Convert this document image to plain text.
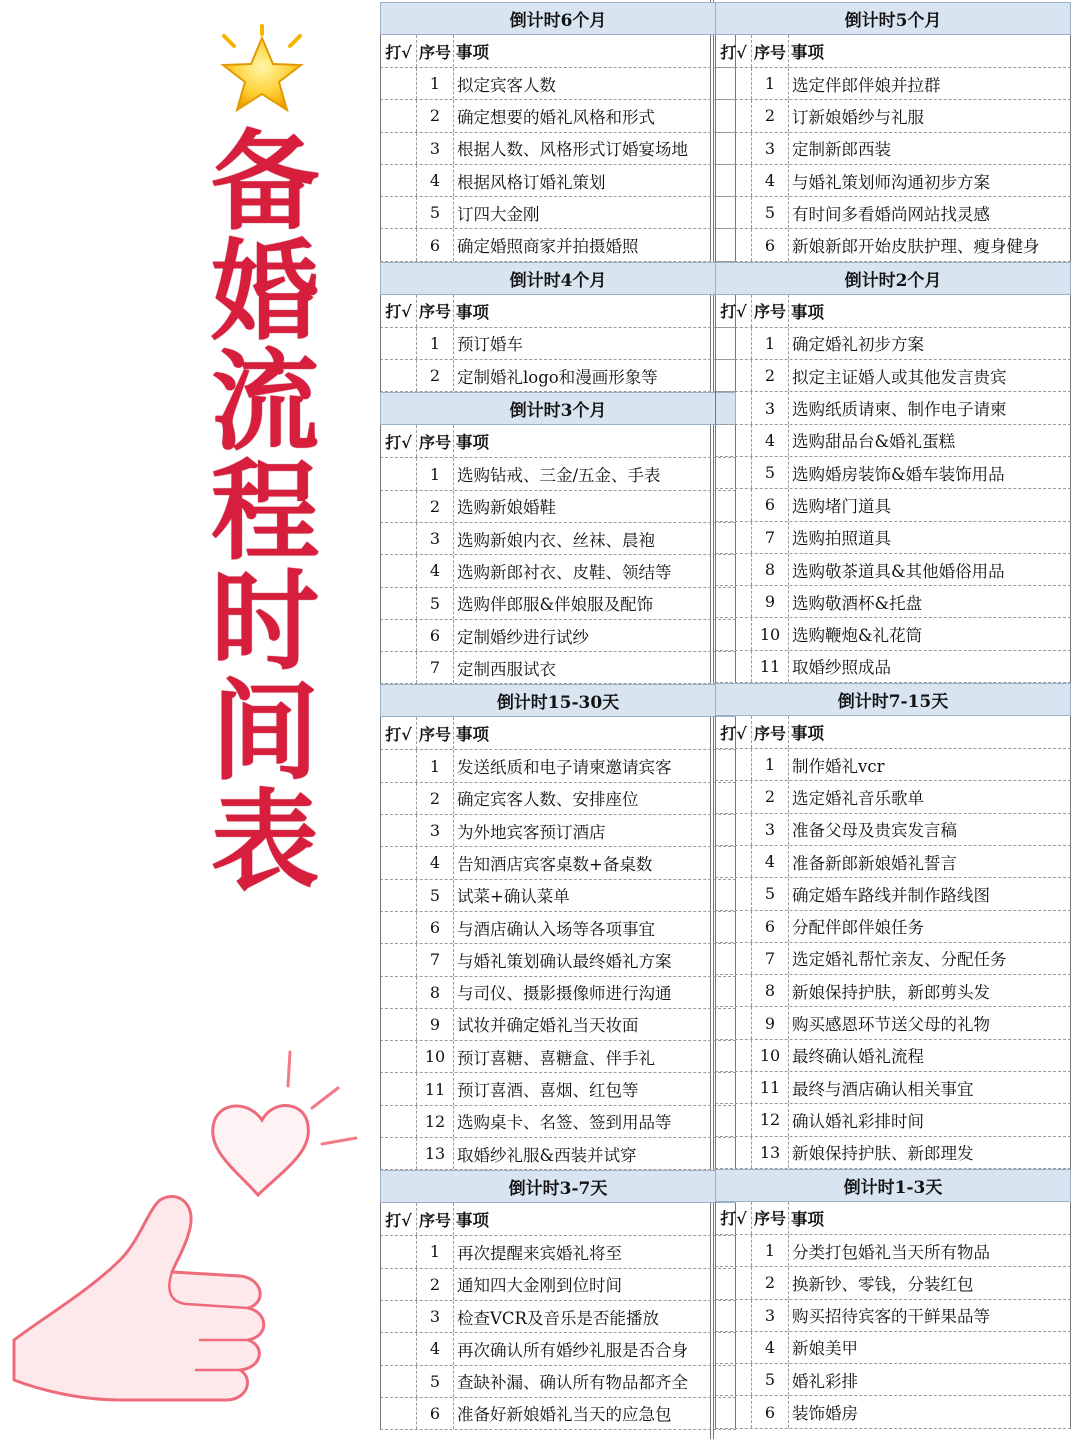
备
婚
流
程
时
间
表
倒计时6个月
打√ 序号 事项
1	拟定宾客人数
2	确定想要的婚礼风格和形式
3	根据人数、风格形式订婚宴场地
4	根据风格订婚礼策划
5	订四大金刚
6	确定婚照商家并拍摄婚照
倒计时4个月
打√ 序号 事项
1	预订婚车
2	定制婚礼logo和漫画形象等
倒计时3个月
打√ 序号 事项
1	选购钻戒、三金/五金、手表
2	选购新娘婚鞋
3	选购新娘内衣、丝袜、晨袍
4	选购新郎衬衣、皮鞋、领结等
5	选购伴郎服&伴娘服及配饰
6	定制婚纱进行试纱
7	定制西服试衣
倒计时15-30天
打√ 序号 事项
1	发送纸质和电子请柬邀请宾客
2	确定宾客人数、安排座位
3	为外地宾客预订酒店
4	告知酒店宾客桌数+备桌数
5	试菜+确认菜单
6	与酒店确认入场等各项事宜
7	与婚礼策划确认最终婚礼方案
8	与司仪、摄影摄像师进行沟通
9	试妆并确定婚礼当天妆面
10 预订喜糖、喜糖盒、伴手礼
11 预订喜酒、喜烟、红包等
12 选购桌卡、名签、签到用品等
13 取婚纱礼服&西装并试穿
倒计时3-7天
打√ 序号 事项
1	再次提醒来宾婚礼将至
2	通知四大金刚到位时间
3	检查VCR及音乐是否能播放
4	再次确认所有婚纱礼服是否合身
5	查缺补漏、确认所有物品都齐全
6	准备好新娘婚礼当天的应急包
倒计时5个月
打√ 序号 事项
1	选定伴郎伴娘并拉群
2	订新娘婚纱与礼服
3	定制新郎西装
4	与婚礼策划师沟通初步方案
5	有时间多看婚尚网站找灵感
6	新娘新郎开始皮肤护理、瘦身健身
倒计时2个月
打√ 序号 事项
1	确定婚礼初步方案
2	拟定主证婚人或其他发言贵宾
3	选购纸质请柬、制作电子请柬
4	选购甜品台&婚礼蛋糕
5	选购婚房装饰&婚车装饰用品
6	选购堵门道具
7	选购拍照道具
8	选购敬茶道具&其他婚俗用品
9	选购敬酒杯&托盘
10 选购鞭炮&礼花筒
11 取婚纱照成品
倒计时7-15天
打√ 序号 事项
1	制作婚礼vcr
2	选定婚礼音乐歌单
3	准备父母及贵宾发言稿
4	准备新郎新娘婚礼誓言
5	确定婚车路线并制作路线图
6	分配伴郎伴娘任务
7	选定婚礼帮忙亲友、分配任务
8	新娘保持护肤，新郎剪头发
9	购买感恩环节送父母的礼物
10 最终确认婚礼流程
11 最终与酒店确认相关事宜
12 确认婚礼彩排时间
13 新娘保持护肤、新郎理发
倒计时1-3天
打√ 序号 事项
1	分类打包婚礼当天所有物品
2	换新钞、零钱，分装红包
3	购买招待宾客的干鲜果品等
4	新娘美甲
5	婚礼彩排
6	装饰婚房
